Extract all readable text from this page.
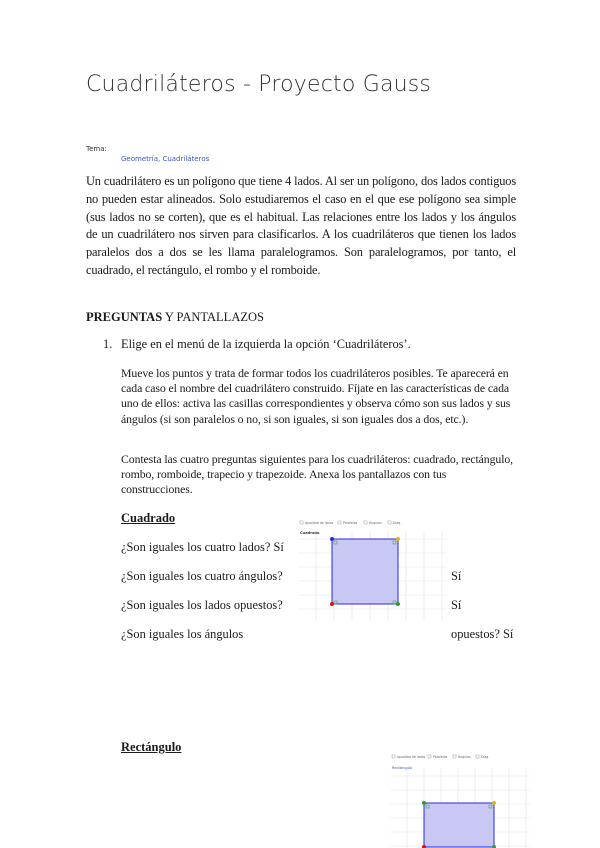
Cuadriláteros - Proyecto Gauss
Tema:
Geometría, Cuadriláteros
Un cuadrilátero es un polígono que tiene 4 lados. Al ser un polígono, dos lados contiguos no pueden estar alineados. Solo estudiaremos el caso en el que ese polígono sea simple (sus lados no se corten), que es el habitual. Las relaciones entre los lados y los ángulos de un cuadrilátero nos sirven para clasificarlos. A los cuadriláteros que tienen los lados paralelos dos a dos se les llama paralelogramos. Son paralelogramos, por tanto, el cuadrado, el rectángulo, el rombo y el romboide.
PREGUNTAS Y PANTALLAZOS
1. Elige en el menú de la izquierda la opción ‘Cuadriláteros’.
Mueve los puntos y trata de formar todos los cuadriláteros posibles. Te aparecerá en cada caso el nombre del cuadrilátero construido. Fíjate en las características de cada uno de ellos: activa las casillas correspondientes y observa cómo son sus lados y sus ángulos (si son paralelos o no, si son iguales, si son iguales dos a dos, etc.).
Contesta las cuatro preguntas siguientes para los cuadriláteros: cuadrado, rectángulo, rombo, romboide, trapecio y trapezoide. Anexa los pantallazos con tus construcciones.
Cuadrado
¿Son iguales los cuatro lados? Sí
¿Son iguales los cuatro ángulos?	Sí
¿Son iguales los lados opuestos?	Sí
¿Son iguales los ángulos	opuestos? Sí
Igualdad de lados	Paralelos	Ángulos	Diag.
Cuadrado
Rectángulo
Igualdad de lados Paralelos	Ángulos	Diag.
Rectángulo
